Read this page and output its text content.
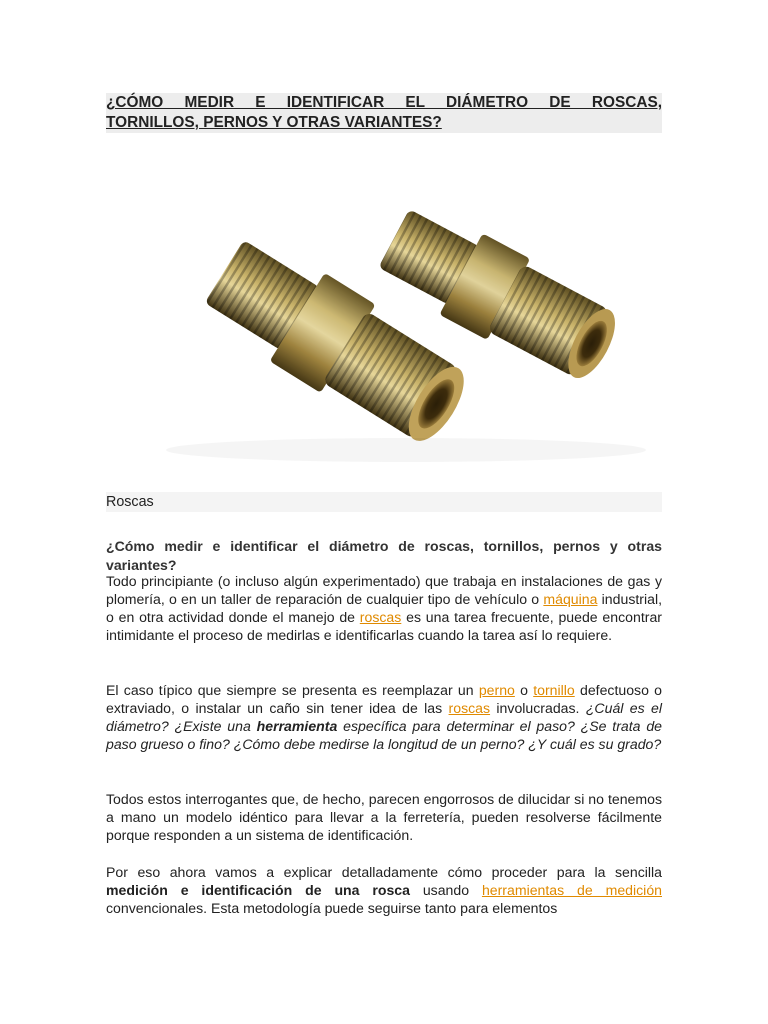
¿CÓMO MEDIR E IDENTIFICAR EL DIÁMETRO DE ROSCAS,
TORNILLOS, PERNOS Y OTRAS VARIANTES?
Roscas
¿Cómo medir e identificar el diámetro de roscas, tornillos, pernos y otras variantes?

Todo principiante (o incluso algún experimentado) que trabaja en instalaciones de gas y plomería, o en un taller de reparación de cualquier tipo de vehículo o máquina industrial, o en otra actividad donde el manejo de roscas es una tarea frecuente, puede encontrar intimidante el proceso de medirlas e identificarlas cuando la tarea así lo requiere.

El caso típico que siempre se presenta es reemplazar un perno o tornillo defectuoso o extraviado, o instalar un caño sin tener idea de las roscas involucradas. ¿Cuál es el diámetro? ¿Existe una herramienta específica para determinar el paso? ¿Se trata de paso grueso o fino? ¿Cómo debe medirse la longitud de un perno? ¿Y cuál es su grado?

Todos estos interrogantes que, de hecho, parecen engorrosos de dilucidar si no tenemos a mano un modelo idéntico para llevar a la ferretería, pueden resolverse fácilmente porque responden a un sistema de identificación.

Por eso ahora vamos a explicar detalladamente cómo proceder para la sencilla medición e identificación de una rosca usando herramientas de medición convencionales. Esta metodología puede seguirse tanto para elementos
